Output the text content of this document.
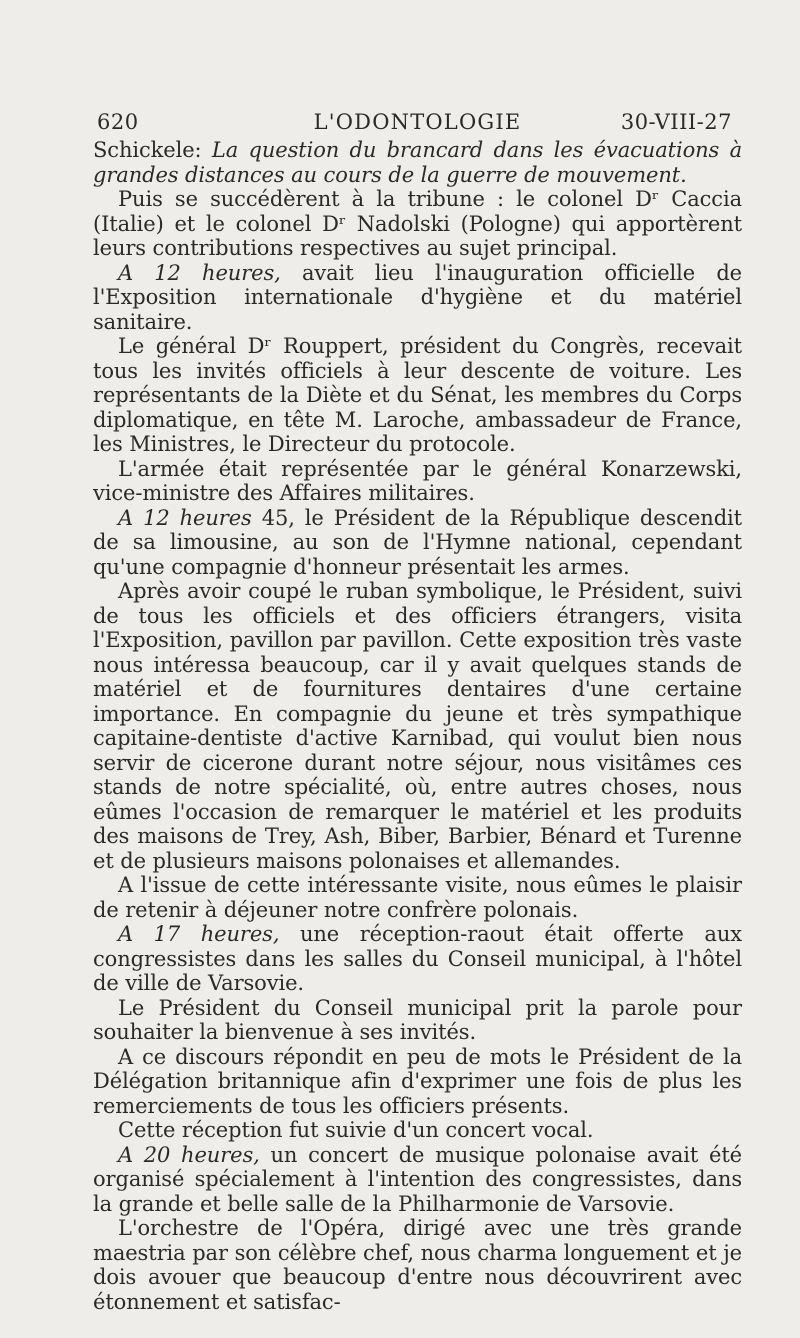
620	L'ODONTOLOGIE	30-VIII-27

Schickele: La question du brancard dans les évacuations à grandes distances au cours de la guerre de mouvement.

Puis se succédèrent à la tribune : le colonel Dʳ Caccia (Italie) et le colonel Dʳ Nadolski (Pologne) qui apportèrent leurs contributions respectives au sujet principal.

A 12 heures, avait lieu l'inauguration officielle de l'Exposition internationale d'hygiène et du matériel sanitaire.

Le général Dʳ Rouppert, président du Congrès, recevait tous les invités officiels à leur descente de voiture. Les représentants de la Diète et du Sénat, les membres du Corps diplomatique, en tête M. Laroche, ambassadeur de France, les Ministres, le Directeur du protocole.

L'armée était représentée par le général Konarzewski, vice-ministre des Affaires militaires.

A 12 heures 45, le Président de la République descendit de sa limousine, au son de l'Hymne national, cependant qu'une compagnie d'honneur présentait les armes.

Après avoir coupé le ruban symbolique, le Président, suivi de tous les officiels et des officiers étrangers, visita l'Exposition, pavillon par pavillon. Cette exposition très vaste nous intéressa beaucoup, car il y avait quelques stands de matériel et de fournitures dentaires d'une certaine importance. En compagnie du jeune et très sympathique capitaine-dentiste d'active Karnibad, qui voulut bien nous servir de cicerone durant notre séjour, nous visitâmes ces stands de notre spécialité, où, entre autres choses, nous eûmes l'occasion de remarquer le matériel et les produits des maisons de Trey, Ash, Biber, Barbier, Bénard et Turenne et de plusieurs maisons polonaises et allemandes.

A l'issue de cette intéressante visite, nous eûmes le plaisir de retenir à déjeuner notre confrère polonais.

A 17 heures, une réception-raout était offerte aux congressistes dans les salles du Conseil municipal, à l'hôtel de ville de Varsovie.

Le Président du Conseil municipal prit la parole pour souhaiter la bienvenue à ses invités.

A ce discours répondit en peu de mots le Président de la Délégation britannique afin d'exprimer une fois de plus les remerciements de tous les officiers présents.

Cette réception fut suivie d'un concert vocal.

A 20 heures, un concert de musique polonaise avait été organisé spécialement à l'intention des congressistes, dans la grande et belle salle de la Philharmonie de Varsovie.

L'orchestre de l'Opéra, dirigé avec une très grande maestria par son célèbre chef, nous charma longuement et je dois avouer que beaucoup d'entre nous découvrirent avec étonnement et satisfac-
